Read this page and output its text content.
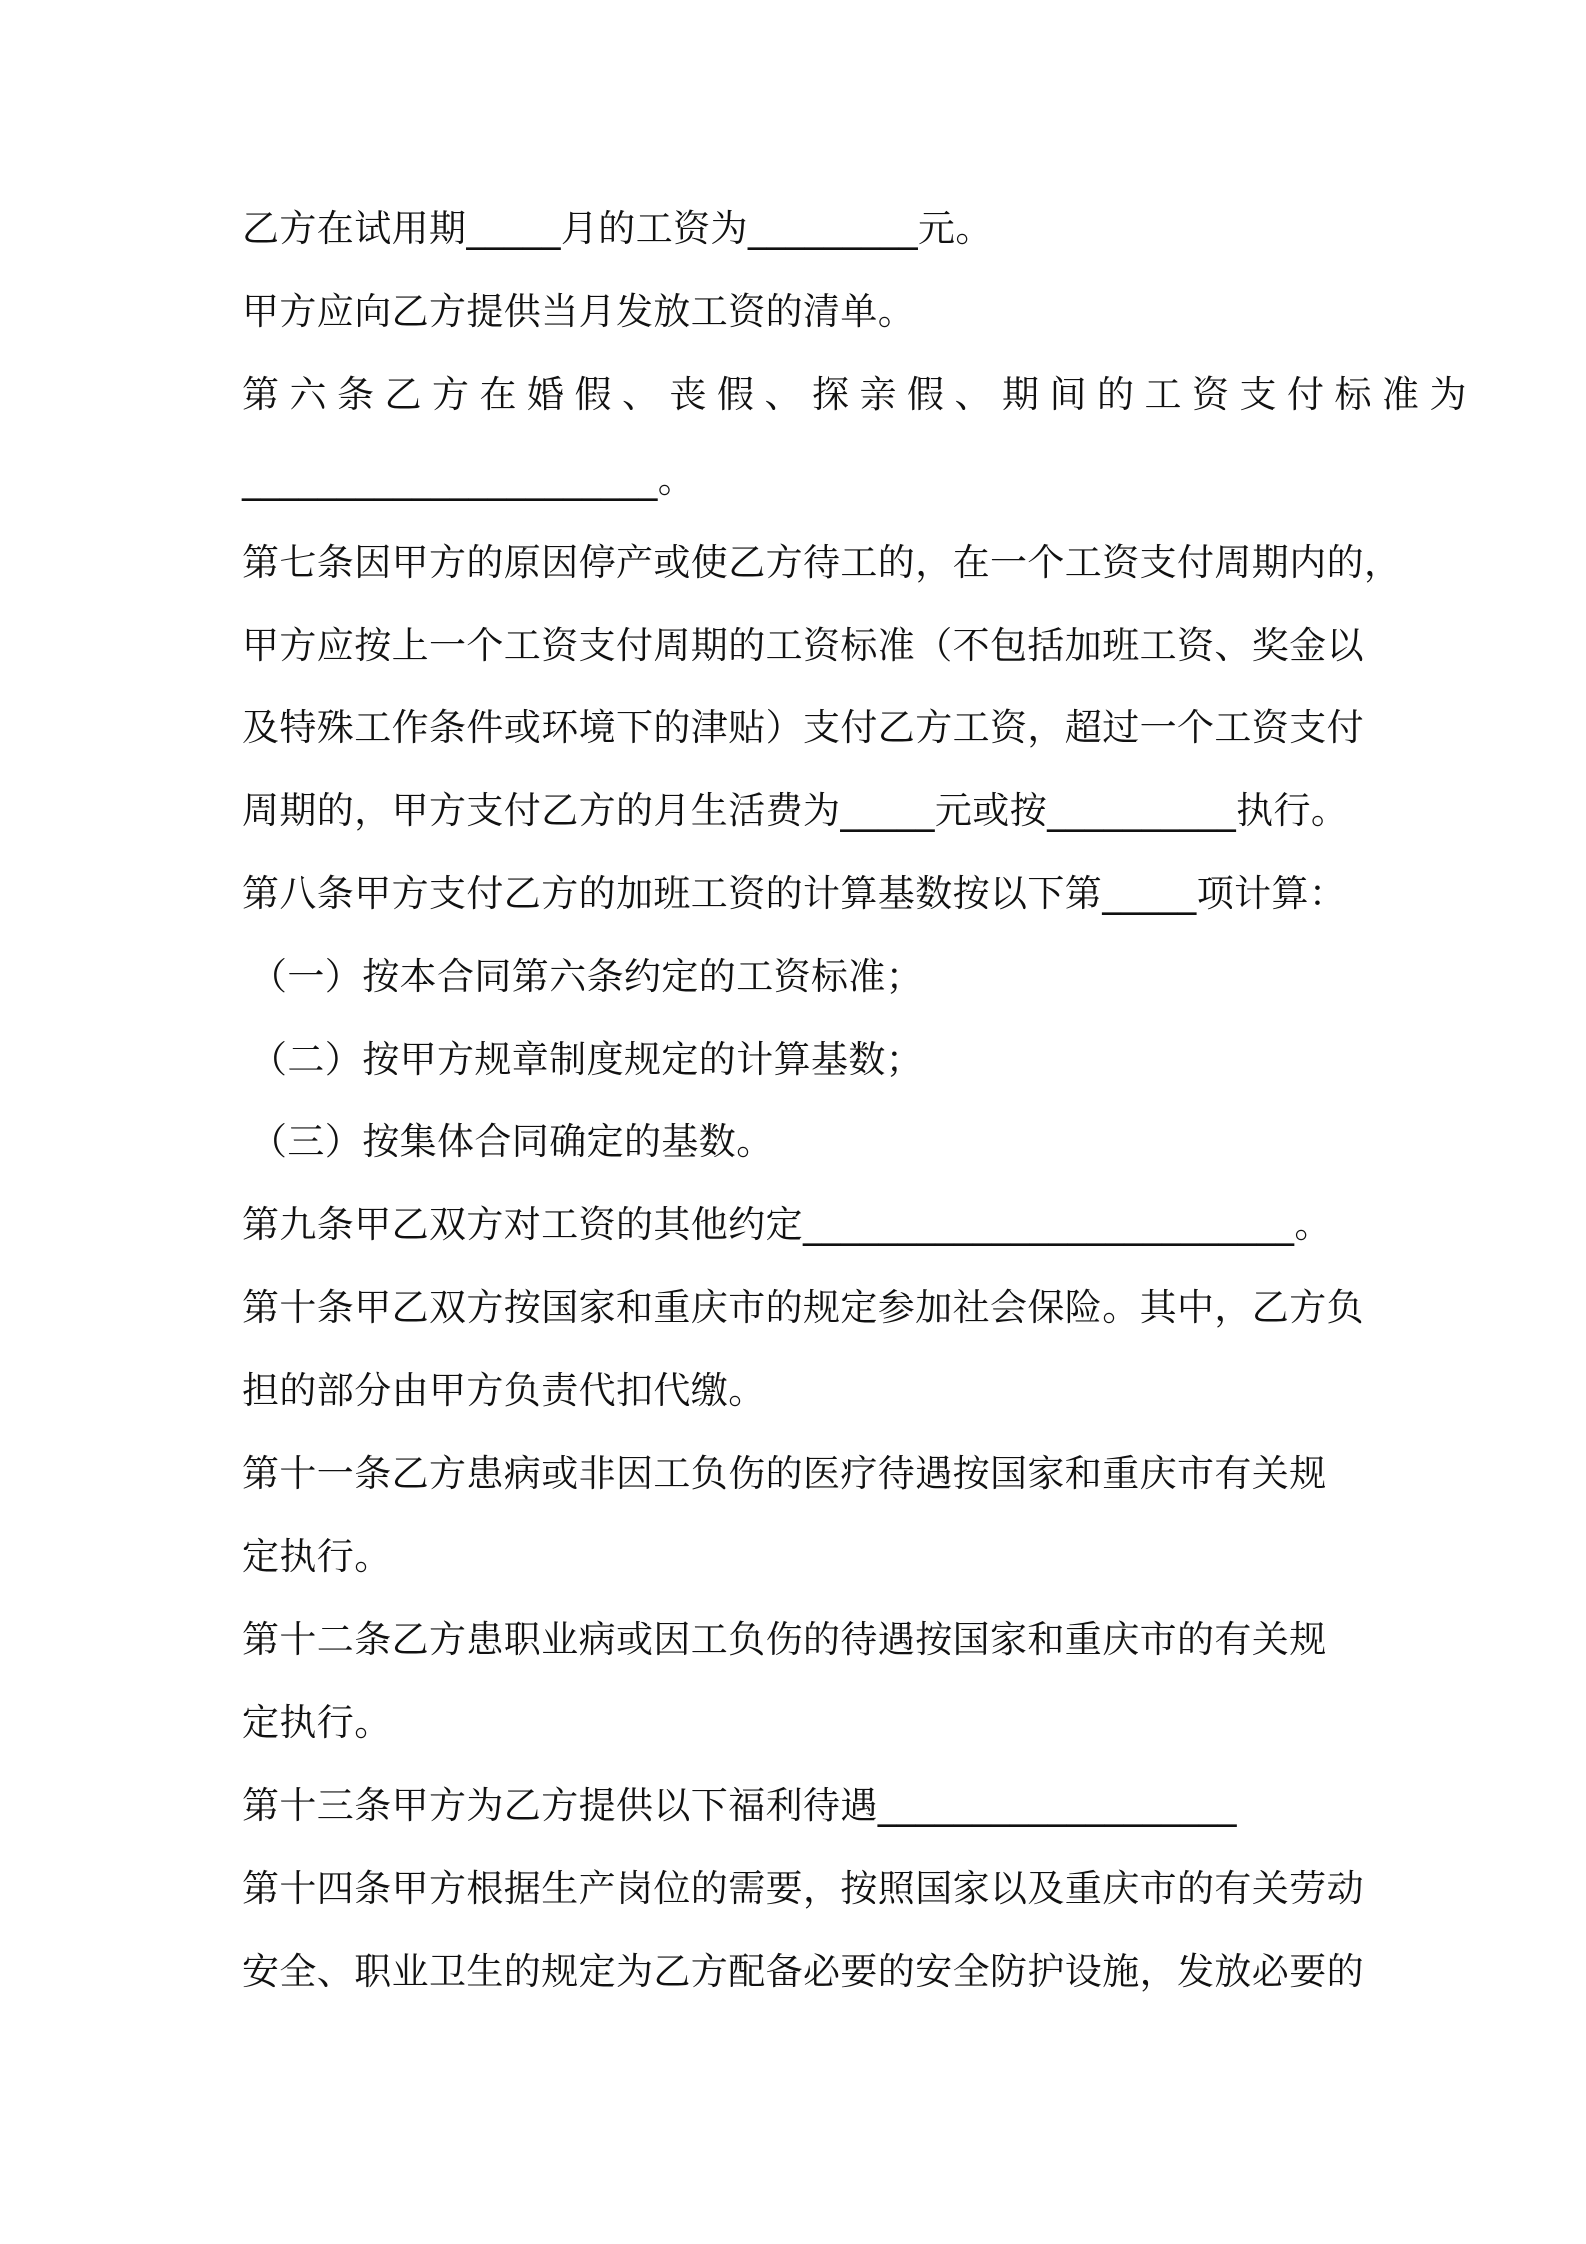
乙方在试用期_____月的工资为_________元。

甲方应向乙方提供当月发放工资的清单。

第六条乙方在婚假、丧假、探亲假、期间的工资支付标准为

______________________。

第七条因甲方的原因停产或使乙方待工的，在一个工资支付周期内的，

甲方应按上一个工资支付周期的工资标准（不包括加班工资、奖金以

及特殊工作条件或环境下的津贴）支付乙方工资，超过一个工资支付

周期的，甲方支付乙方的月生活费为_____元或按__________执行。

第八条甲方支付乙方的加班工资的计算基数按以下第_____项计算：

（一）按本合同第六条约定的工资标准；

（二）按甲方规章制度规定的计算基数；

（三）按集体合同确定的基数。

第九条甲乙双方对工资的其他约定__________________________。

第十条甲乙双方按国家和重庆市的规定参加社会保险。其中，乙方负

担的部分由甲方负责代扣代缴。

第十一条乙方患病或非因工负伤的医疗待遇按国家和重庆市有关规

定执行。

第十二条乙方患职业病或因工负伤的待遇按国家和重庆市的有关规

定执行。

第十三条甲方为乙方提供以下福利待遇___________________

第十四条甲方根据生产岗位的需要，按照国家以及重庆市的有关劳动

安全、职业卫生的规定为乙方配备必要的安全防护设施，发放必要的
